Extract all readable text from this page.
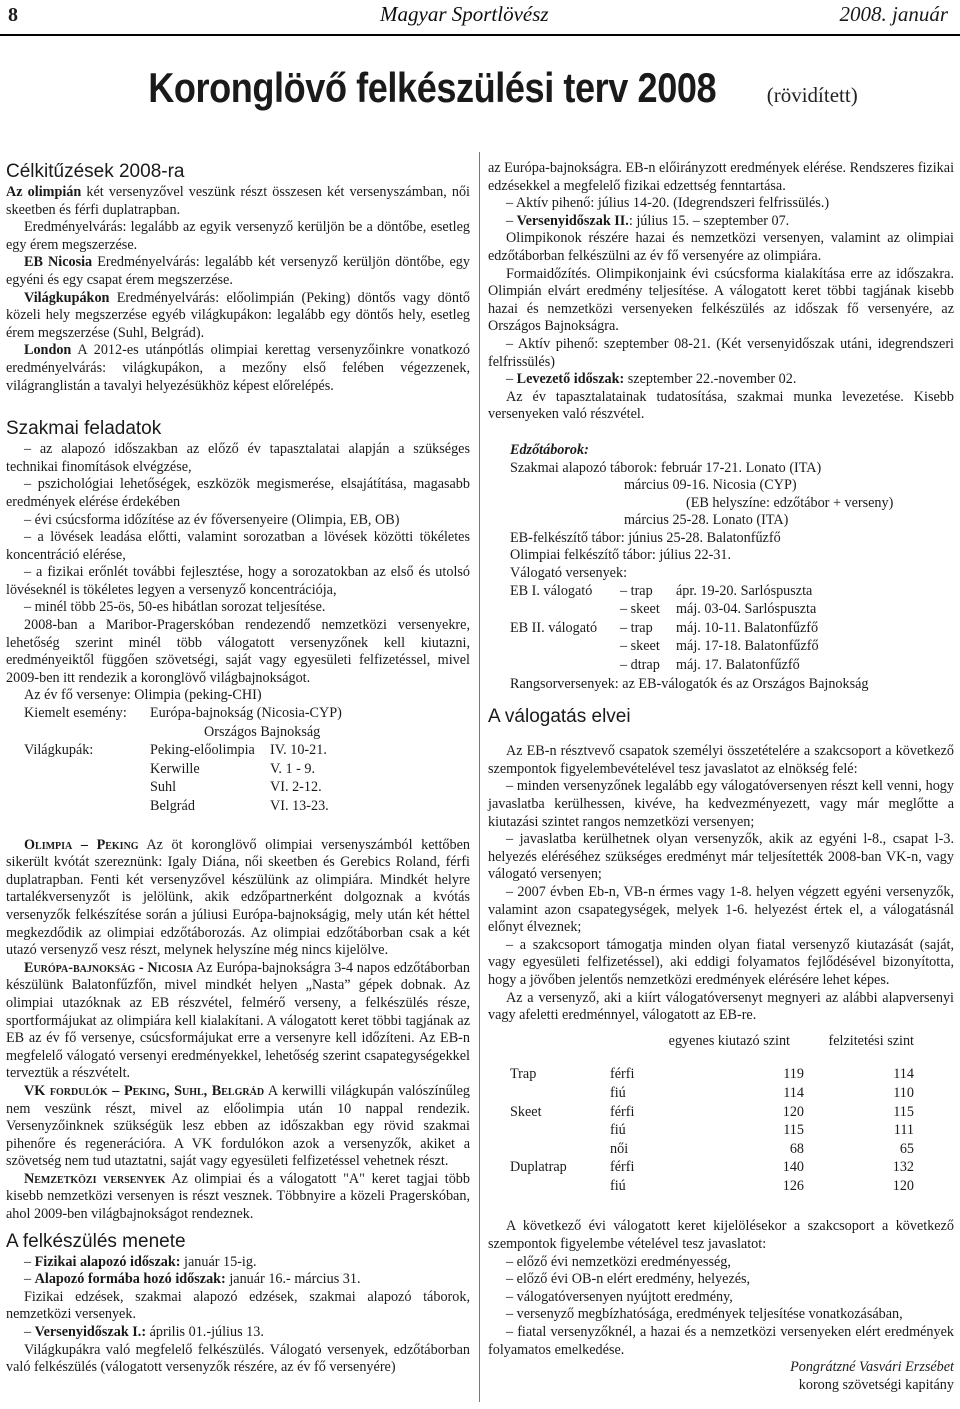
8	Magyar Sportlövész	2008. január
Koronglövő felkészülési terv 2008 (rövidített)
Célkitűzések 2008-ra

Az olimpián két versenyzővel veszünk részt összesen két versenyszámban, női skeetben és férfi duplatrapban.

Eredményelvárás: legalább az egyik versenyző kerüljön be a döntőbe, esetleg egy érem megszerzése.

EB Nicosia Eredményelvárás: legalább két versenyző kerüljön döntőbe, egy egyéni és egy csapat érem megszerzése.

Világkupákon Eredményelvárás: előolimpián (Peking) döntős vagy döntő közeli hely megszerzése egyéb világkupákon: legalább egy döntős hely, esetleg érem megszerzése (Suhl, Belgrád).

London A 2012-es utánpótlás olimpiai kerettag versenyzőinkre vonatkozó eredményelvárás: világkupákon, a mezőny első felében végezzenek, világranglistán a tavalyi helyezésükhöz képest előrelépés.

Szakmai feladatok

– az alapozó időszakban az előző év tapasztalatai alapján a szükséges technikai finomítások elvégzése,

– pszichológiai lehetőségek, eszközök megismerése, elsajátítása, magasabb eredmények elérése érdekében

– évi csúcsforma időzítése az év főversenyeire (Olimpia, EB, OB)

– a lövések leadása előtti, valamint sorozatban a lövések közötti tökéletes koncentráció elérése,

– a fizikai erőnlét további fejlesztése, hogy a sorozatokban az első és utolsó lövéseknél is tökéletes legyen a versenyző koncentrációja,

– minél több 25-ös, 50-es hibátlan sorozat teljesítése.

2008-ban a Maribor-Pragerskóban rendezendő nemzetközi versenyekre, lehetőség szerint minél több válogatott versenyzőnek kell kiutazni, eredményeiktől függően szövetségi, saját vagy egyesületi felfizetéssel, mivel 2009-ben itt rendezik a koronglövő világbajnokságot.

Az év fő versenye: Olimpia (peking-CHI)

Kiemelt esemény:	Európa-bajnokság (Nicosia-CYP)	
	Országos Bajnokság	
Világkupák:	Peking-előolimpia	IV. 10-21.
	Kerwille	V. 1 - 9.
	Suhl	VI. 2-12.
	Belgrád	VI. 13-23.

Olimpia – Peking Az öt koronglövő olimpiai versenyszámból kettőben sikerült kvótát szereznünk: Igaly Diána, női skeetben és Gerebics Roland, férfi duplatrapban. Fenti két versenyzővel készülünk az olimpiára. Mindkét helyre tartalékversenyzőt is jelölünk, akik edzőpartnerként dolgoznak a kvótás versenyzők felkészítése során a júliusi Európa-bajnokságig, mely után két héttel megkezdődik az olimpiai edzőtáborozás. Az olimpiai edzőtáborban csak a két utazó versenyző vesz részt, melynek helyszíne még nincs kijelölve.

Európa-bajnokság - Nicosia Az Európa-bajnokságra 3-4 napos edzőtáborban készülünk Balatonfűzfőn, mivel mindkét helyen „Nasta” gépek dobnak. Az olimpiai utazóknak az EB részvétel, felmérő verseny, a felkészülés része, sportformájukat az olimpiára kell kialakítani. A válogatott keret többi tagjának az EB az év fő versenye, csúcsformájukat erre a versenyre kell időzíteni. Az EB-n megfelelő válogató versenyi eredményekkel, lehetőség szerint csapategységekkel terveztük a részvételt.

VK fordulók – Peking, Suhl, Belgrád A kerwilli világkupán valószínűleg nem veszünk részt, mivel az előolimpia után 10 nappal rendezik. Versenyzőinknek szükségük lesz ebben az időszakban egy rövid szakmai pihenőre és regenerációra. A VK fordulókon azok a versenyzők, akiket a szövetség nem tud utaztatni, saját vagy egyesületi felfizetéssel vehetnek részt.

Nemzetközi versenyek Az olimpiai és a válogatott "A" keret tagjai több kisebb nemzetközi versenyen is részt vesznek. Többnyire a közeli Pragerskóban, ahol 2009-ben világbajnokságot rendeznek.

A felkészülés menete

– Fizikai alapozó időszak: január 15-ig.

– Alapozó formába hozó időszak: január 16.- március 31.

Fizikai edzések, szakmai alapozó edzések, szakmai alapozó táborok, nemzetközi versenyek.

– Versenyidőszak I.: április 01.-július 13.

Világkupákra való megfelelő felkészülés. Válogató versenyek, edzőtáborban való felkészülés (válogatott versenyzők részére, az év fő versenyére)

az Európa-bajnokságra. EB-n előirányzott eredmények elérése. Rendszeres fizikai edzésekkel a megfelelő fizikai edzettség fenntartása.

– Aktív pihenő: július 14-20. (Idegrendszeri felfrissülés.)

– Versenyidőszak II.: július 15. – szeptember 07.

Olimpikonok részére hazai és nemzetközi versenyen, valamint az olimpiai edzőtáborban felkészülni az év fő versenyére az olimpiára.

Formaidőzítés. Olimpikonjaink évi csúcsforma kialakítása erre az időszakra. Olimpián elvárt eredmény teljesítése. A válogatott keret többi tagjának kisebb hazai és nemzetközi versenyeken felkészülés az időszak fő versenyére, az Országos Bajnokságra.

– Aktív pihenő: szeptember 08-21. (Két versenyidőszak utáni, idegrendszeri felfrissülés)

– Levezető időszak: szeptember 22.-november 02.

Az év tapasztalatainak tudatosítása, szakmai munka levezetése. Kisebb versenyeken való részvétel.

Edzőtáborok:

Szakmai alapozó táborok: február 17-21. Lonato (ITA)

március 09-16. Nicosia (CYP)

(EB helyszíne: edzőtábor + verseny)

március 25-28. Lonato (ITA)

EB-felkészítő tábor: június 25-28. Balatonfűzfő

Olimpiai felkészítő tábor: július 22-31.

Válogató versenyek:

EB I. válogató	– trap	ápr. 19-20. Sarlóspuszta
	– skeet	máj. 03-04. Sarlóspuszta
EB II. válogató	– trap	máj. 10-11. Balatonfűzfő
	– skeet	máj. 17-18. Balatonfűzfő
	– dtrap	máj. 17. Balatonfűzfő

Rangsorversenyek: az EB-válogatók és az Országos Bajnokság

A válogatás elvei

Az EB-n résztvevő csapatok személyi összetételére a szakcsoport a következő szempontok figyelembevételével tesz javaslatot az elnökség felé:

– minden versenyzőnek legalább egy válogatóversenyen részt kell venni, hogy javaslatba kerülhessen, kivéve, ha kedvezményezett, vagy már meglőtte a kiutazási szintet rangos nemzetközi versenyen;

– javaslatba kerülhetnek olyan versenyzők, akik az egyéni l-8., csapat l-3. helyezés eléréséhez szükséges eredményt már teljesítették 2008-ban VK-n, vagy válogató versenyen;

– 2007 évben Eb-n, VB-n érmes vagy 1-8. helyen végzett egyéni versenyzők, valamint azon csapategységek, melyek 1-6. helyezést értek el, a válogatásnál előnyt élveznek;

– a szakcsoport támogatja minden olyan fiatal versenyző kiutazását (saját, vagy egyesületi felfizetéssel), aki eddigi folyamatos fejlődésével bizonyította, hogy a jövőben jelentős nemzetközi eredmények elérésére lehet képes.

Az a versenyző, aki a kiírt válogatóversenyt megnyeri az alábbi alapversenyi vagy afeletti eredménnyel, válogatott az EB-re.

	egyenes kiutazó szint		felzitetési szint

Trap	férfi	119	114
	fiú	114	110
Skeet	férfi	120	115
	fiú	115	111
	női	68	65
Duplatrap	férfi	140	132
	fiú	126	120

A következő évi válogatott keret kijelölésekor a szakcsoport a következő szempontok figyelembe vételével tesz javaslatot:

– előző évi nemzetközi eredményesség,

– előző évi OB-n elért eredmény, helyezés,

– válogatóversenyen nyújtott eredmény,

– versenyző megbízhatósága, eredmények teljesítése vonatkozásában,

– fiatal versenyzőknél, a hazai és a nemzetközi versenyeken elért eredmények folyamatos emelkedése.

Pongrátzné Vasvári Erzsébet

korong szövetségi kapitány
